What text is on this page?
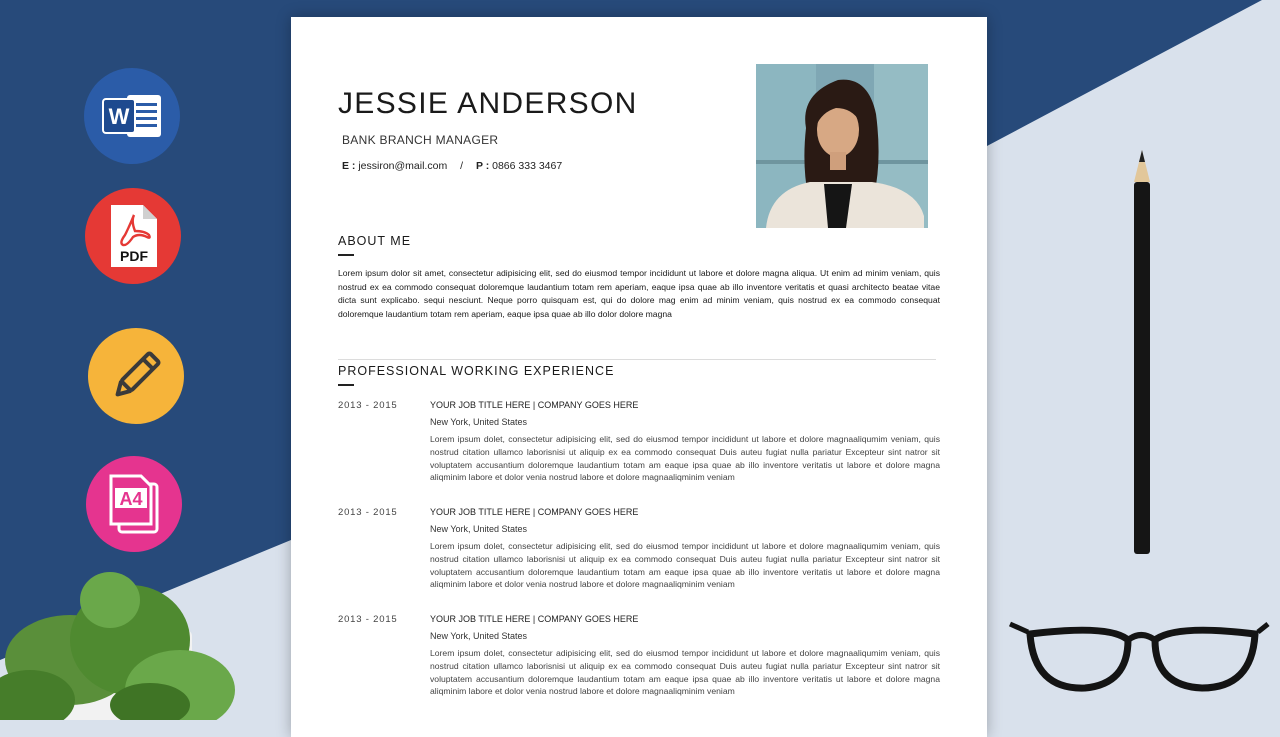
W
PDF
A4
JESSIE ANDERSON
BANK BRANCH MANAGER
E : jessiron@mail.com / P : 0866 333 3467
ABOUT ME

Lorem ipsum dolor sit amet, consectetur adipisicing elit, sed do eiusmod tempor incididunt ut labore et dolore magna aliqua. Ut enim ad minim veniam, quis nostrud ex ea commodo consequat doloremque laudantium totam rem aperiam, eaque ipsa quae ab illo inventore veritatis et quasi architecto beatae vitae dicta sunt explicabo. sequi nesciunt. Neque porro quisquam est, qui do dolore mag enim ad minim veniam, quis nostrud ex ea commodo consequat doloremque laudantium totam rem aperiam, eaque ipsa quae ab illo dolor dolore magna

PROFESSIONAL WORKING EXPERIENCE
2013 - 2015	YOUR JOB TITLE HERE | COMPANY GOES HERE
New York, United States

Lorem ipsum dolet, consectetur adipisicing elit, sed do eiusmod tempor incididunt ut labore et dolore magnaaliqumim veniam, quis nostrud citation ullamco laborisnisi ut aliquip ex ea commodo consequat Duis auteu fugiat nulla pariatur Excepteur sint natror sit voluptatem accusantium doloremque laudantium totam am eaque ipsa quae ab illo inventore veritatis ut labore et dolore magna aliqminim labore et dolor venia nostrud labore et dolore magnaaliqminim veniam

2013 - 2015	YOUR JOB TITLE HERE | COMPANY GOES HERE
New York, United States

Lorem ipsum dolet, consectetur adipisicing elit, sed do eiusmod tempor incididunt ut labore et dolore magnaaliqumim veniam, quis nostrud citation ullamco laborisnisi ut aliquip ex ea commodo consequat Duis auteu fugiat nulla pariatur Excepteur sint natror sit voluptatem accusantium doloremque laudantium totam am eaque ipsa quae ab illo inventore veritatis ut labore et dolore magna aliqminim labore et dolor venia nostrud labore et dolore magnaaliqminim veniam

2013 - 2015	YOUR JOB TITLE HERE | COMPANY GOES HERE
New York, United States

Lorem ipsum dolet, consectetur adipisicing elit, sed do eiusmod tempor incididunt ut labore et dolore magnaaliqumim veniam, quis nostrud citation ullamco laborisnisi ut aliquip ex ea commodo consequat Duis auteu fugiat nulla pariatur Excepteur sint natror sit voluptatem accusantium doloremque laudantium totam am eaque ipsa quae ab illo inventore veritatis ut labore et dolore magna aliqminim labore et dolor venia nostrud labore et dolore magnaaliqminim veniam
